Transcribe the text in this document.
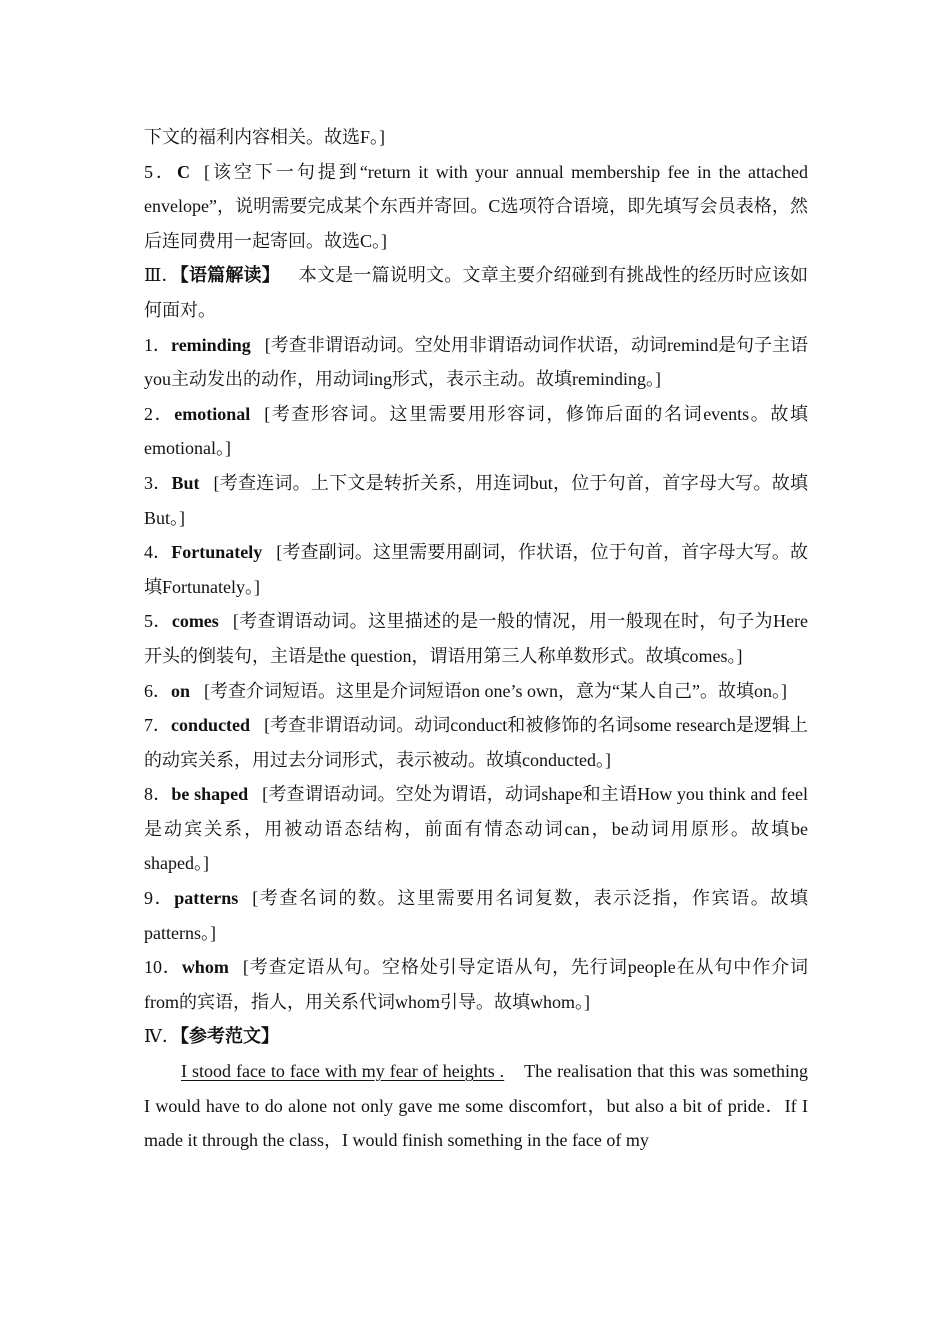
下文的福利内容相关。故选F。]

5．C [该空下一句提到“return it with your annual membership fee in the attached envelope”，说明需要完成某个东西并寄回。C选项符合语境，即先填写会员表格，然后连同费用一起寄回。故选C。]

Ⅲ．【语篇解读】 本文是一篇说明文。文章主要介绍碰到有挑战性的经历时应该如何面对。

1．reminding [考查非谓语动词。空处用非谓语动词作状语，动词remind是句子主语you主动发出的动作，用动词ing形式，表示主动。故填reminding。]

2．emotional [考查形容词。这里需要用形容词，修饰后面的名词events。故填emotional。]

3．But [考查连词。上下文是转折关系，用连词but，位于句首，首字母大写。故填But。]

4．Fortunately [考查副词。这里需要用副词，作状语，位于句首，首字母大写。故填Fortunately。]

5．comes [考查谓语动词。这里描述的是一般的情况，用一般现在时，句子为Here开头的倒装句，主语是the question，谓语用第三人称单数形式。故填comes。]

6．on [考查介词短语。这里是介词短语on one’s own，意为“某人自己”。故填on。]

7．conducted [考查非谓语动词。动词conduct和被修饰的名词some research是逻辑上的动宾关系，用过去分词形式，表示被动。故填conducted。]

8．be shaped [考查谓语动词。空处为谓语，动词shape和主语How you think and feel是动宾关系，用被动语态结构，前面有情态动词can，be动词用原形。故填be shaped。]

9．patterns [考查名词的数。这里需要用名词复数，表示泛指，作宾语。故填patterns。]

10．whom [考查定语从句。空格处引导定语从句，先行词people在从句中作介词from的宾语，指人，用关系代词whom引导。故填whom。]

Ⅳ．【参考范文】

I stood face to face with my fear of heights . The realisation that this was something I would have to do alone not only gave me some discomfort，but also a bit of pride．If I made it through the class，I would finish something in the face of my
